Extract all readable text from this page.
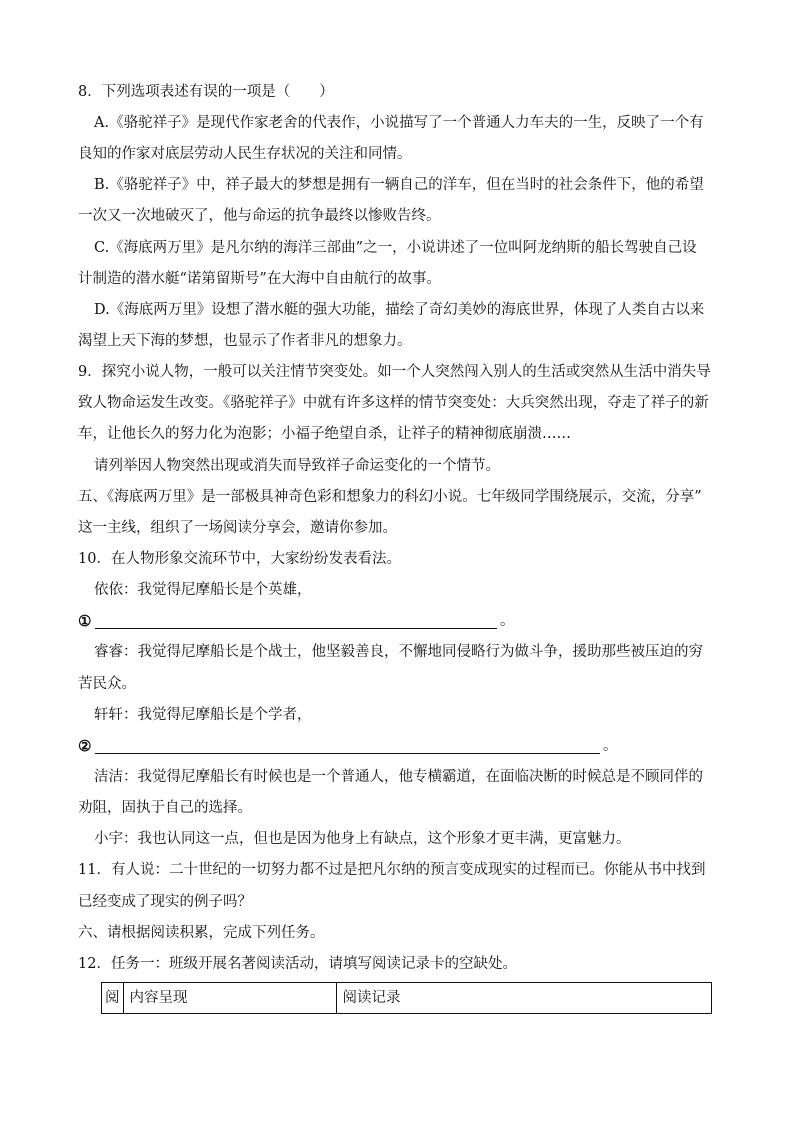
8．下列选项表述有误的一项是（　　）
A.《骆驼祥子》是现代作家老舍的代表作，小说描写了一个普通人力车夫的一生，反映了一个有
良知的作家对底层劳动人民生存状况的关注和同情。
B.《骆驼祥子》中，祥子最大的梦想是拥有一辆自己的洋车，但在当时的社会条件下，他的希望
一次又一次地破灭了，他与命运的抗争最终以惨败告终。
C.《海底两万里》是凡尔纳的海洋三部曲”之一，小说讲述了一位叫阿龙纳斯的船长驾驶自己设
计制造的潜水艇“诺第留斯号”在大海中自由航行的故事。
D.《海底两万里》设想了潜水艇的强大功能，描绘了奇幻美妙的海底世界，体现了人类自古以来
渴望上天下海的梦想，也显示了作者非凡的想象力。
9．探究小说人物，一般可以关注情节突变处。如一个人突然闯入别人的生活或突然从生活中消失导
致人物命运发生改变。《骆驼祥子》中就有许多这样的情节突变处：大兵突然出现，夺走了祥子的新
车，让他长久的努力化为泡影；小福子绝望自杀，让祥子的精神彻底崩溃……
请列举因人物突然出现或消失而导致祥子命运变化的一个情节。
五、《海底两万里》是一部极具神奇色彩和想象力的科幻小说。七年级同学围绕展示，交流，分享”
这一主线，组织了一场阅读分享会，邀请你参加。
10．在人物形象交流环节中，大家纷纷发表看法。
依依：我觉得尼摩船长是个英雄，
①	。
睿睿：我觉得尼摩船长是个战士，他坚毅善良，不懈地同侵略行为做斗争，援助那些被压迫的穷
苦民众。
轩轩：我觉得尼摩船长是个学者，
②	。
洁洁：我觉得尼摩船长有时候也是一个普通人，他专横霸道，在面临决断的时候总是不顾同伴的
劝阻，固执于自己的选择。
小宇：我也认同这一点，但也是因为他身上有缺点，这个形象才更丰满，更富魅力。
11．有人说：二十世纪的一切努力都不过是把凡尔纳的预言变成现实的过程而已。你能从书中找到
已经变成了现实的例子吗？
六、请根据阅读积累，完成下列任务。
12．任务一：班级开展名著阅读活动，请填写阅读记录卡的空缺处。
阅	内容呈现	阅读记录
